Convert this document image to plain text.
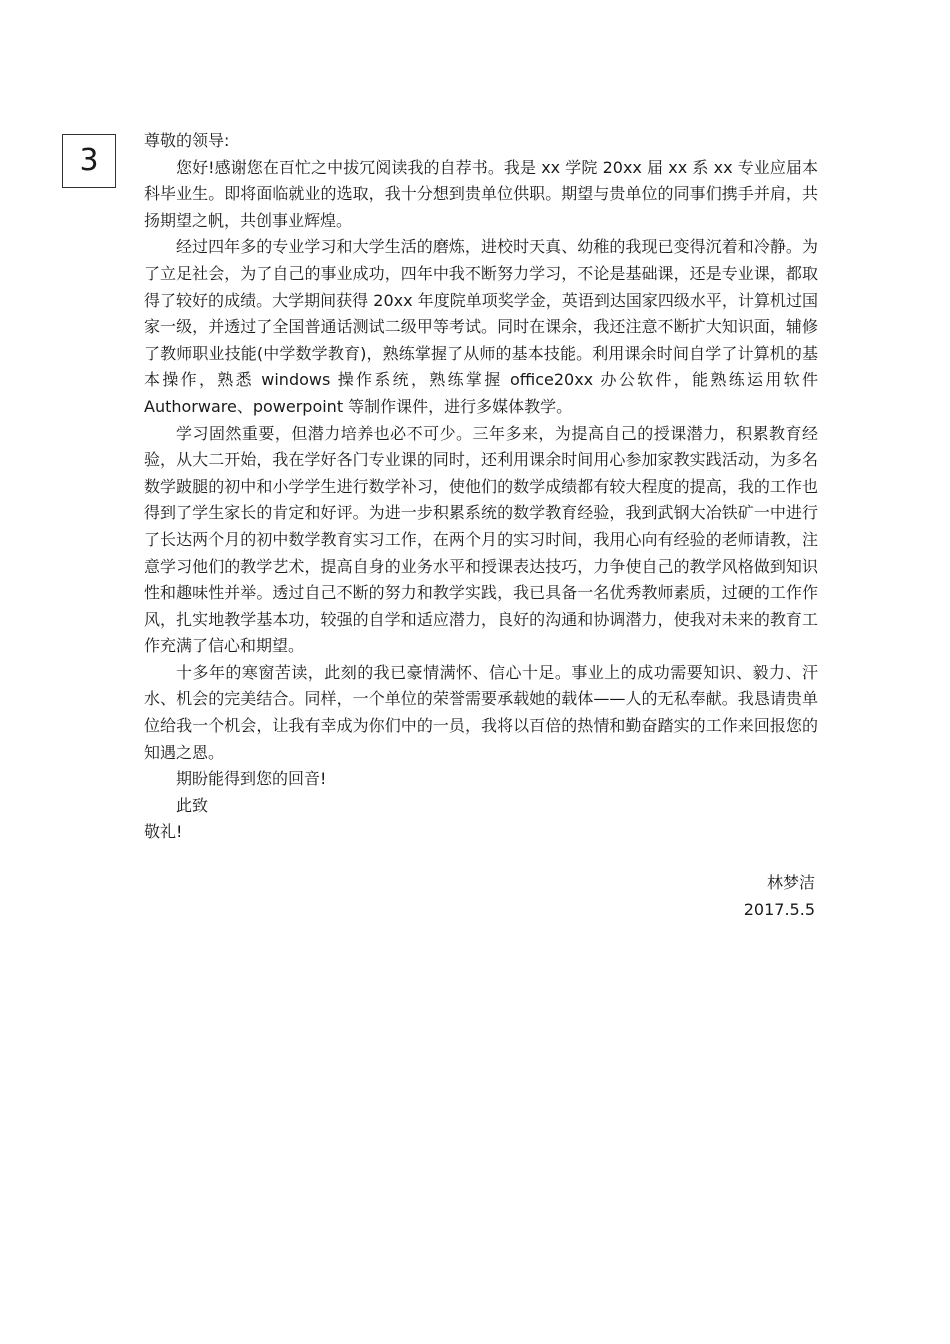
3

尊敬的领导:

您好!感谢您在百忙之中拔冗阅读我的自荐书。我是 xx 学院 20xx 届 xx 系 xx 专业应届本科毕业生。即将面临就业的选取，我十分想到贵单位供职。期望与贵单位的同事们携手并肩，共扬期望之帆，共创事业辉煌。

经过四年多的专业学习和大学生活的磨炼，进校时天真、幼稚的我现已变得沉着和冷静。为了立足社会，为了自己的事业成功，四年中我不断努力学习，不论是基础课，还是专业课，都取得了较好的成绩。大学期间获得 20xx 年度院单项奖学金，英语到达国家四级水平，计算机过国家一级，并透过了全国普通话测试二级甲等考试。同时在课余，我还注意不断扩大知识面，辅修了教师职业技能(中学数学教育)，熟练掌握了从师的基本技能。利用课余时间自学了计算机的基本操作，熟悉 windows 操作系统，熟练掌握 office20xx 办公软件，能熟练运用软件 Authorware、powerpoint 等制作课件，进行多媒体教学。

学习固然重要，但潜力培养也必不可少。三年多来，为提高自己的授课潜力，积累教育经验，从大二开始，我在学好各门专业课的同时，还利用课余时间用心参加家教实践活动，为多名数学跛腿的初中和小学学生进行数学补习，使他们的数学成绩都有较大程度的提高，我的工作也得到了学生家长的肯定和好评。为进一步积累系统的数学教育经验，我到武钢大冶铁矿一中进行了长达两个月的初中数学教育实习工作，在两个月的实习时间，我用心向有经验的老师请教，注意学习他们的教学艺术，提高自身的业务水平和授课表达技巧，力争使自己的教学风格做到知识性和趣味性并举。透过自己不断的努力和教学实践，我已具备一名优秀教师素质，过硬的工作作风，扎实地教学基本功，较强的自学和适应潜力，良好的沟通和协调潜力，使我对未来的教育工作充满了信心和期望。

十多年的寒窗苦读，此刻的我已豪情满怀、信心十足。事业上的成功需要知识、毅力、汗水、机会的完美结合。同样，一个单位的荣誉需要承载她的载体——人的无私奉献。我恳请贵单位给我一个机会，让我有幸成为你们中的一员，我将以百倍的热情和勤奋踏实的工作来回报您的知遇之恩。

期盼能得到您的回音!

此致

敬礼!

林梦洁
2017.5.5
